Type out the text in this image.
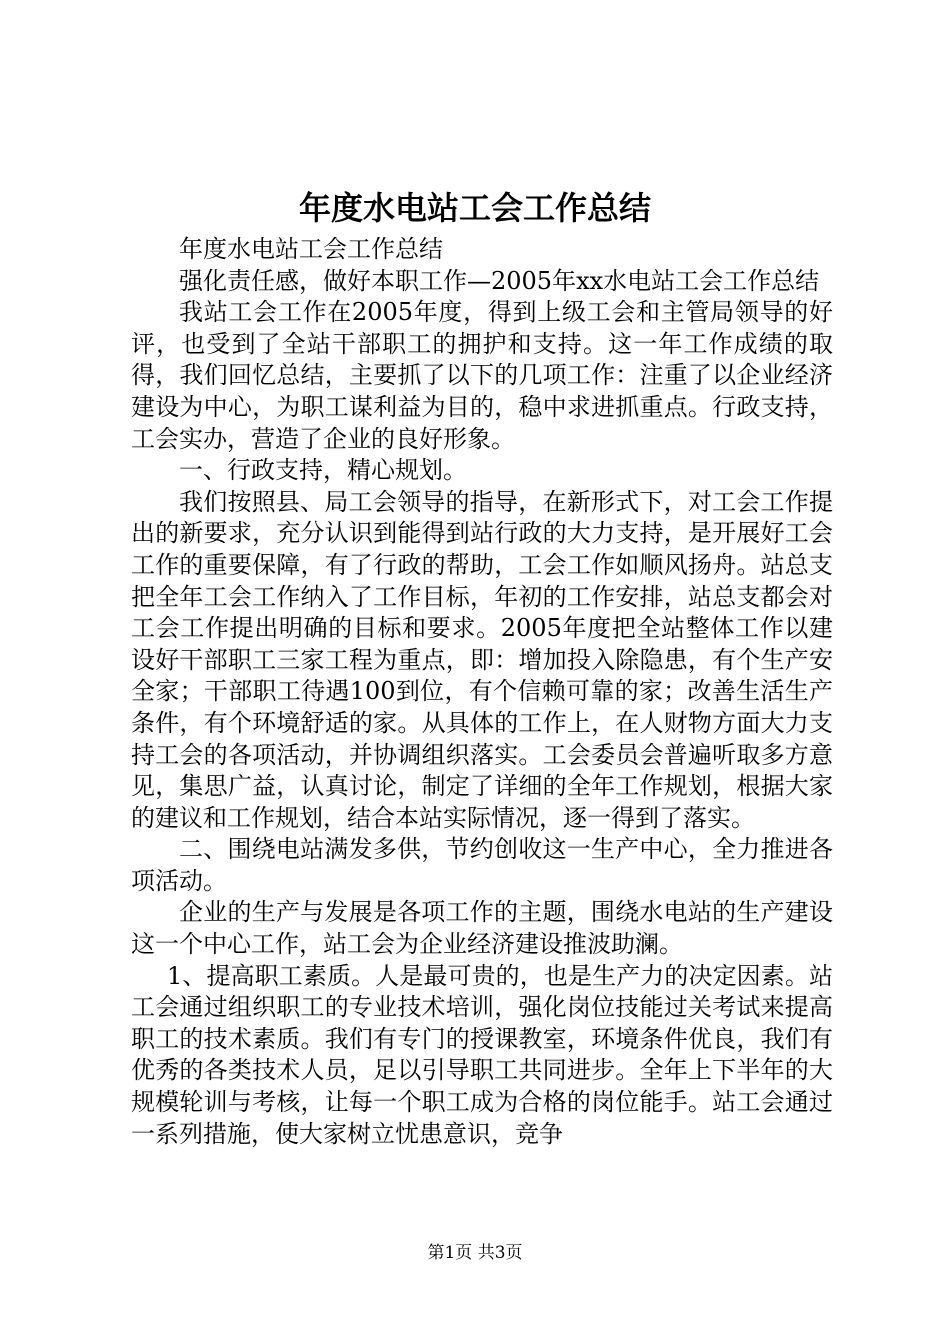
年度水电站工会工作总结

年度水电站工会工作总结

强化责任感，做好本职工作—2005年xx水电站工会工作总结

我站工会工作在2005年度，得到上级工会和主管局领导的好评，也受到了全站干部职工的拥护和支持。这一年工作成绩的取得，我们回忆总结，主要抓了以下的几项工作：注重了以企业经济建设为中心，为职工谋利益为目的，稳中求进抓重点。行政支持，工会实办，营造了企业的良好形象。

一、行政支持，精心规划。

我们按照县、局工会领导的指导，在新形式下，对工会工作提出的新要求，充分认识到能得到站行政的大力支持，是开展好工会工作的重要保障，有了行政的帮助，工会工作如顺风扬舟。站总支把全年工会工作纳入了工作目标，年初的工作安排，站总支都会对工会工作提出明确的目标和要求。2005年度把全站整体工作以建设好干部职工三家工程为重点，即：增加投入除隐患，有个生产安全家；干部职工待遇100到位，有个信赖可靠的家；改善生活生产条件，有个环境舒适的家。从具体的工作上，在人财物方面大力支持工会的各项活动，并协调组织落实。工会委员会普遍听取多方意见，集思广益，认真讨论，制定了详细的全年工作规划，根据大家的建议和工作规划，结合本站实际情况，逐一得到了落实。

二、围绕电站满发多供，节约创收这一生产中心，全力推进各项活动。

企业的生产与发展是各项工作的主题，围绕水电站的生产建设这一个中心工作，站工会为企业经济建设推波助澜。

1、提高职工素质。人是最可贵的，也是生产力的决定因素。站工会通过组织职工的专业技术培训，强化岗位技能过关考试来提高职工的技术素质。我们有专门的授课教室，环境条件优良，我们有优秀的各类技术人员，足以引导职工共同进步。全年上下半年的大规模轮训与考核，让每一个职工成为合格的岗位能手。站工会通过一系列措施，使大家树立忧患意识，竞争

第1页 共3页
